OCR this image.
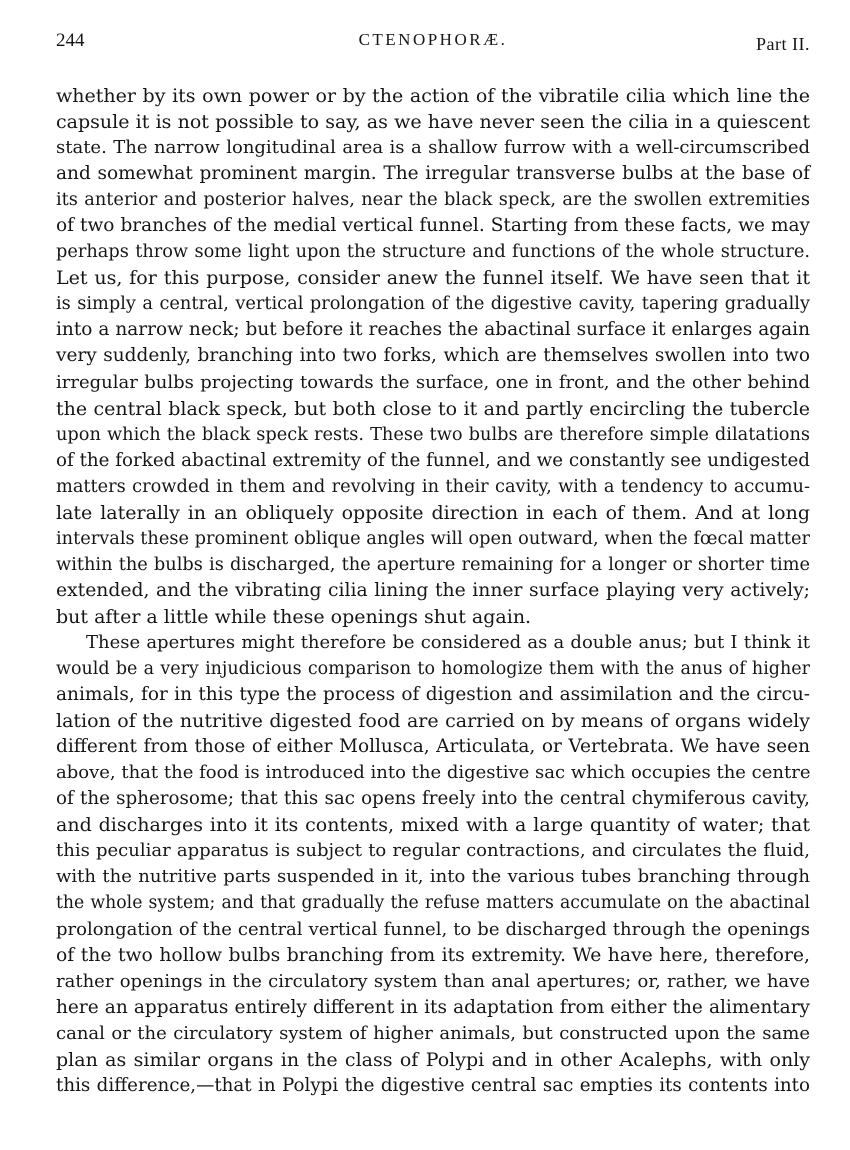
244	CTENOPHORÆ.	Part II.
whether by its own power or by the action of the vibratile cilia which line the
capsule it is not possible to say, as we have never seen the cilia in a quiescent
state. The narrow longitudinal area is a shallow furrow with a well-circumscribed
and somewhat prominent margin. The irregular transverse bulbs at the base of
its anterior and posterior halves, near the black speck, are the swollen extremities
of two branches of the medial vertical funnel. Starting from these facts, we may
perhaps throw some light upon the structure and functions of the whole structure.
Let us, for this purpose, consider anew the funnel itself. We have seen that it
is simply a central, vertical prolongation of the digestive cavity, tapering gradually
into a narrow neck; but before it reaches the abactinal surface it enlarges again
very suddenly, branching into two forks, which are themselves swollen into two
irregular bulbs projecting towards the surface, one in front, and the other behind
the central black speck, but both close to it and partly encircling the tubercle
upon which the black speck rests. These two bulbs are therefore simple dilatations
of the forked abactinal extremity of the funnel, and we constantly see undigested
matters crowded in them and revolving in their cavity, with a tendency to accumu-
late laterally in an obliquely opposite direction in each of them. And at long
intervals these prominent oblique angles will open outward, when the fœcal matter
within the bulbs is discharged, the aperture remaining for a longer or shorter time
extended, and the vibrating cilia lining the inner surface playing very actively;
but after a little while these openings shut again.
These apertures might therefore be considered as a double anus; but I think it
would be a very injudicious comparison to homologize them with the anus of higher
animals, for in this type the process of digestion and assimilation and the circu-
lation of the nutritive digested food are carried on by means of organs widely
different from those of either Mollusca, Articulata, or Vertebrata. We have seen
above, that the food is introduced into the digestive sac which occupies the centre
of the spherosome; that this sac opens freely into the central chymiferous cavity,
and discharges into it its contents, mixed with a large quantity of water; that
this peculiar apparatus is subject to regular contractions, and circulates the fluid,
with the nutritive parts suspended in it, into the various tubes branching through
the whole system; and that gradually the refuse matters accumulate on the abactinal
prolongation of the central vertical funnel, to be discharged through the openings
of the two hollow bulbs branching from its extremity. We have here, therefore,
rather openings in the circulatory system than anal apertures; or, rather, we have
here an apparatus entirely different in its adaptation from either the alimentary
canal or the circulatory system of higher animals, but constructed upon the same
plan as similar organs in the class of Polypi and in other Acalephs, with only
this difference,—that in Polypi the digestive central sac empties its contents into
